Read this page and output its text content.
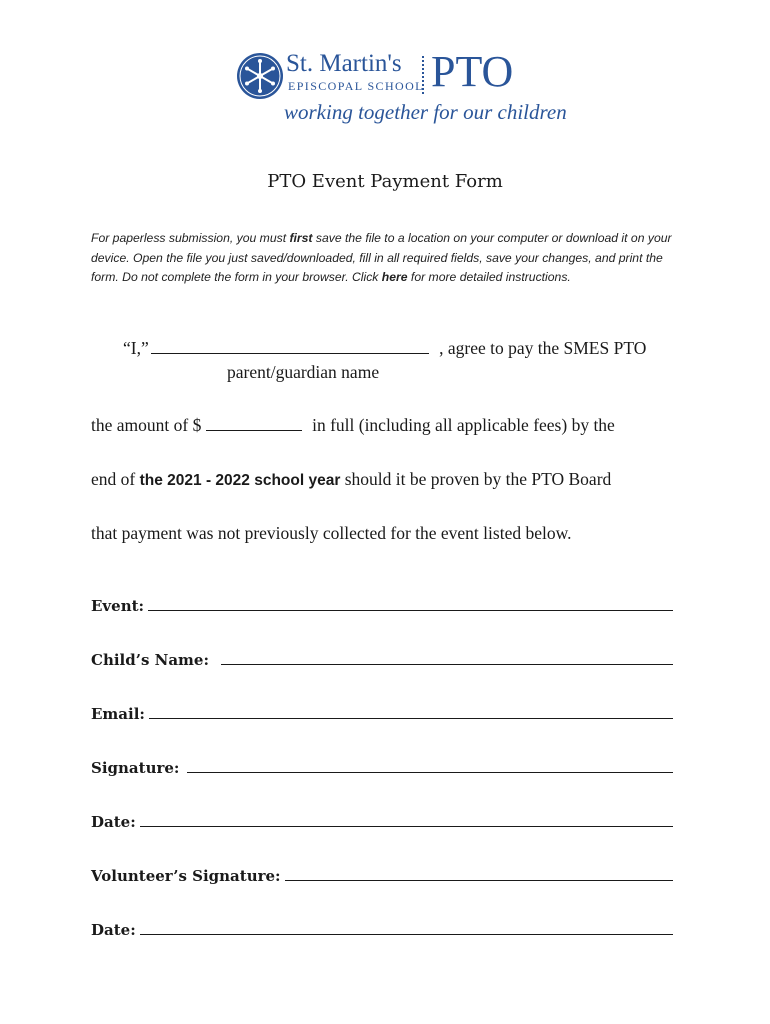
St. Martin's
EPISCOPAL SCHOOL PTO
working together for our children
PTO Event Payment Form
For paperless submission, you must first save the file to a location on your computer or download it on your device. Open the file you just saved/downloaded, fill in all required fields, save your changes, and print the form. Do not complete the form in your browser. Click here for more detailed instructions.
“I,”	, agree to pay the SMES PTO
parent/guardian name
the amount of $	in full (including all applicable fees) by the
end of the 2021 - 2022 school year should it be proven by the PTO Board
that payment was not previously collected for the event listed below.
Event:
Child’s Name:
Email:
Signature:
Date:
Volunteer’s Signature:
Date:
